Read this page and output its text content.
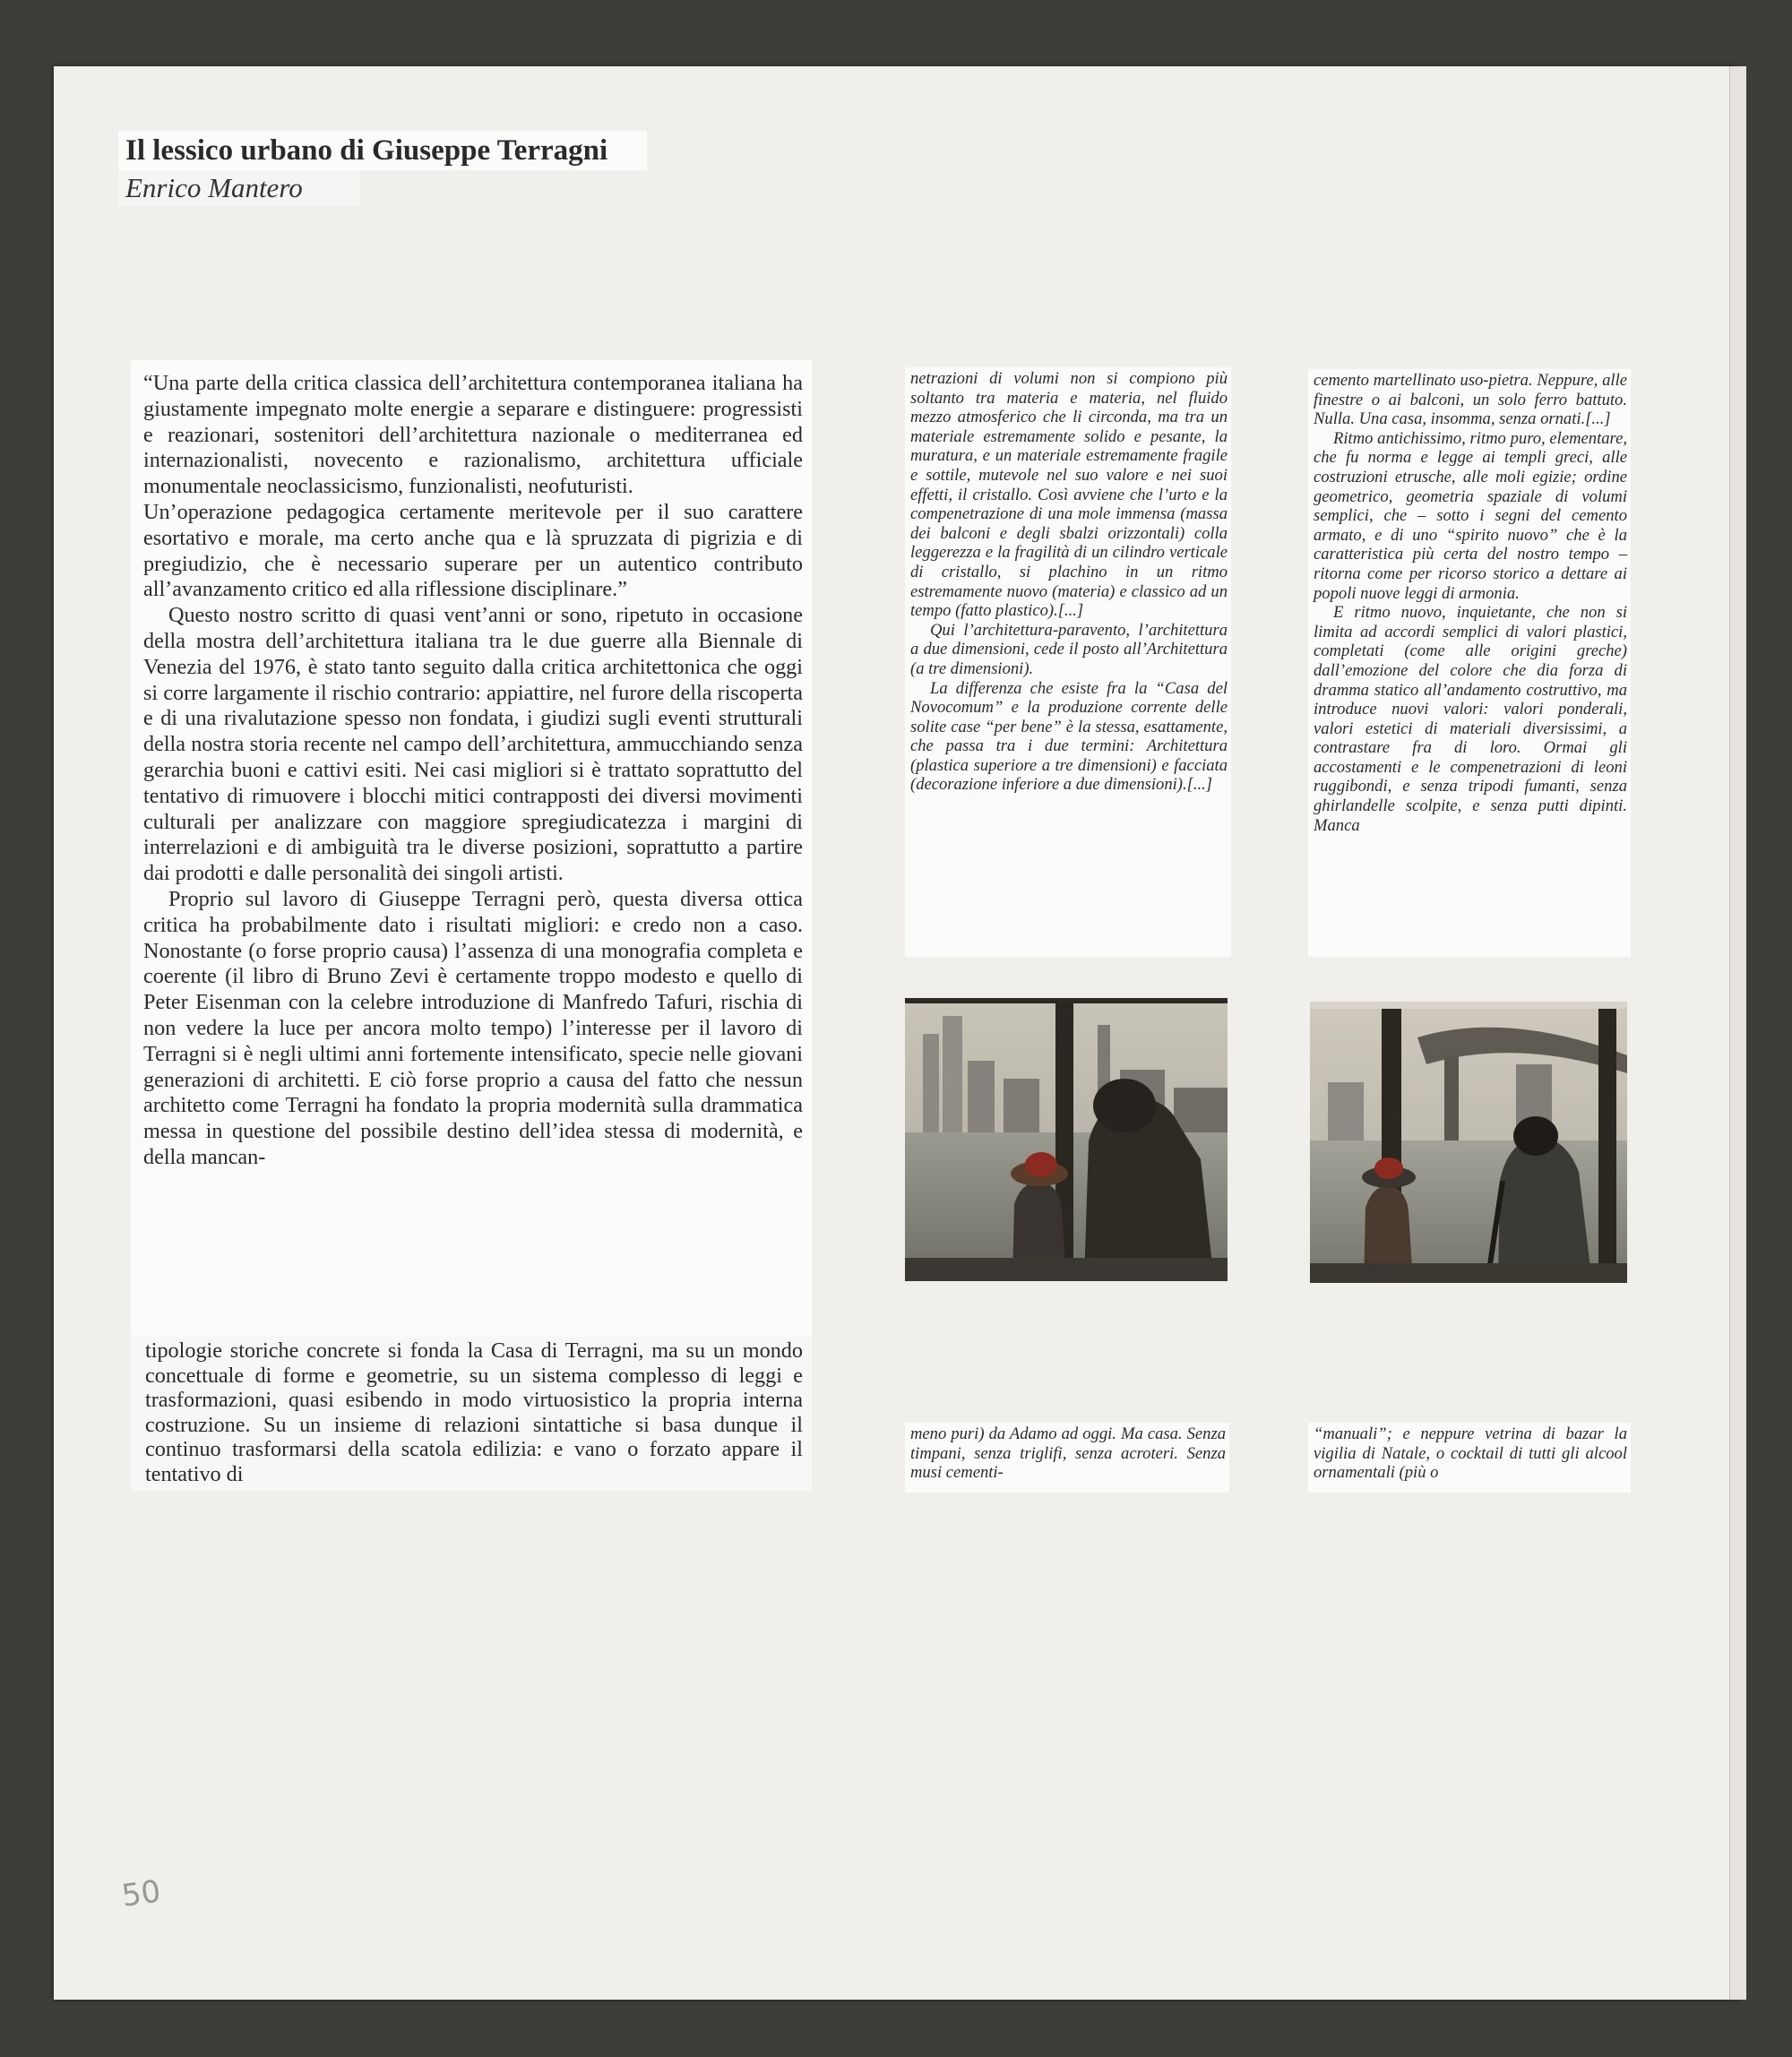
Il lessico urbano di Giuseppe Terragni
Enrico Mantero

“Una parte della critica classica dell’architettura contemporanea italiana ha giustamente impegnato molte energie a separare e distinguere: progressisti e reazionari, sostenitori dell’architettura nazionale o mediterranea ed internazionalisti, novecento e razionalismo, architettura ufficiale monumentale neoclassicismo, funzionalisti, neofuturisti.

Un’operazione pedagogica certamente meritevole per il suo carattere esortativo e morale, ma certo anche qua e là spruzzata di pigrizia e di pregiudizio, che è necessario superare per un autentico contributo all’avanzamento critico ed alla riflessione disciplinare.”

Questo nostro scritto di quasi vent’anni or sono, ripetuto in occasione della mostra dell’architettura italiana tra le due guerre alla Biennale di Venezia del 1976, è stato tanto seguito dalla critica architettonica che oggi si corre largamente il rischio contrario: appiattire, nel furore della riscoperta e di una rivalutazione spesso non fondata, i giudizi sugli eventi strutturali della nostra storia recente nel campo dell’architettura, ammucchiando senza gerarchia buoni e cattivi esiti. Nei casi migliori si è trattato soprattutto del tentativo di rimuovere i blocchi mitici contrapposti dei diversi movimenti culturali per analizzare con maggiore spregiudicatezza i margini di interrelazioni e di ambiguità tra le diverse posizioni, soprattutto a partire dai prodotti e dalle personalità dei singoli artisti.

Proprio sul lavoro di Giuseppe Terragni però, questa diversa ottica critica ha probabilmente dato i risultati migliori: e credo non a caso. Nonostante (o forse proprio causa) l’assenza di una monografia completa e coerente (il libro di Bruno Zevi è certamente troppo modesto e quello di Peter Eisenman con la celebre introduzione di Manfredo Tafuri, rischia di non vedere la luce per ancora molto tempo) l’interesse per il lavoro di Terragni si è negli ultimi anni fortemente intensificato, specie nelle giovani generazioni di architetti. E ciò forse proprio a causa del fatto che nessun architetto come Terragni ha fondato la propria modernità sulla drammatica messa in questione del possibile destino dell’idea stessa di modernità, e della mancan-

tipologie storiche concrete si fonda la Casa di Terragni, ma su un mondo concettuale di forme e geometrie, su un sistema complesso di leggi e trasformazioni, quasi esibendo in modo virtuosistico la propria interna costruzione. Su un insieme di relazioni sintattiche si basa dunque il continuo trasformarsi della scatola edilizia: e vano o forzato appare il tentativo di

netrazioni di volumi non si compiono più soltanto tra materia e materia, nel fluido mezzo atmosferico che li circonda, ma tra un materiale estremamente solido e pesante, la muratura, e un materiale estremamente fragile e sottile, mutevole nel suo valore e nei suoi effetti, il cristallo. Così avviene che l’urto e la compenetrazione di una mole immensa (massa dei balconi e degli sbalzi orizzontali) colla leggerezza e la fragilità di un cilindro verticale di cristallo, si plachino in un ritmo estremamente nuovo (materia) e classico ad un tempo (fatto plastico).[...]

Qui l’architettura-paravento, l’architettura a due dimensioni, cede il posto all’Architettura (a tre dimensioni).

La differenza che esiste fra la “Casa del Novocomum” e la produzione corrente delle solite case “per bene” è la stessa, esattamente, che passa tra i due termini: Architettura (plastica superiore a tre dimensioni) e facciata (decorazione inferiore a due dimensioni).[...]

cemento martellinato uso-pietra. Neppure, alle finestre o ai balconi, un solo ferro battuto. Nulla. Una casa, insomma, senza ornati.[...]

Ritmo antichissimo, ritmo puro, elementare, che fu norma e legge ai templi greci, alle costruzioni etrusche, alle moli egizie; ordine geometrico, geometria spaziale di volumi semplici, che – sotto i segni del cemento armato, e di uno “spirito nuovo” che è la caratteristica più certa del nostro tempo – ritorna come per ricorso storico a dettare ai popoli nuove leggi di armonia.

E ritmo nuovo, inquietante, che non si limita ad accordi semplici di valori plastici, completati (come alle origini greche) dall’emozione del colore che dia forza di dramma statico all’andamento costruttivo, ma introduce nuovi valori: valori ponderali, valori estetici di materiali diversissimi, a contrastare fra di loro. Ormai gli accostamenti e le compenetrazioni di leoni ruggibondi, e senza tripodi fumanti, senza ghirlandelle scolpite, e senza putti dipinti. Manca

meno puri) da Adamo ad oggi. Ma casa. Senza timpani, senza triglifi, senza acroteri. Senza musi cementi-

“manuali”; e neppure vetrina di bazar la vigilia di Natale, o cocktail di tutti gli alcool ornamentali (più o

50
